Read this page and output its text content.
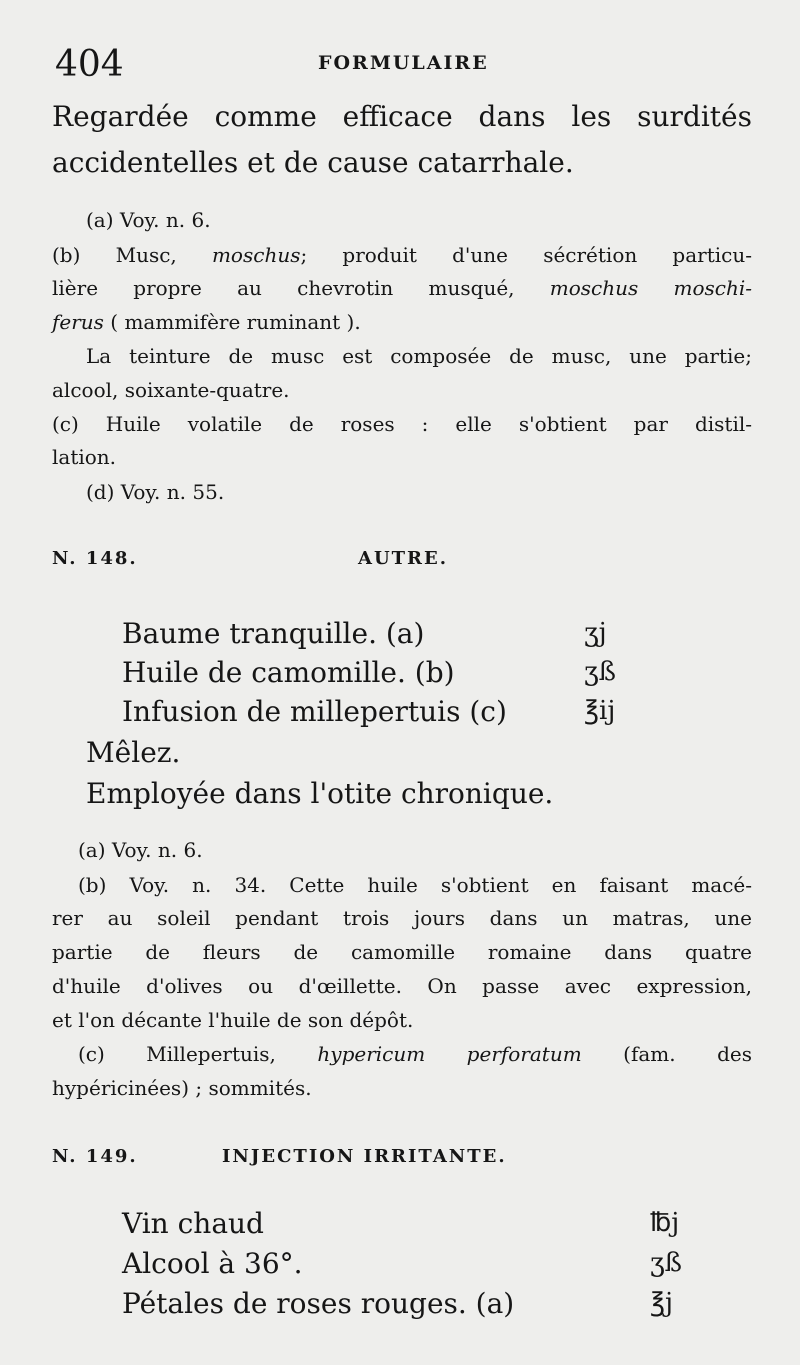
404	FORMULAIRE
Regardée comme efficace dans les surdités
accidentelles et de cause catarrhale.
(a) Voy. n. 6.
(b) Musc, moschus; produit d'une sécrétion particu-
lière propre au chevrotin musqué, moschus moschi-
ferus ( mammifère ruminant ).
La teinture de musc est composée de musc, une partie;
alcool, soixante-quatre.
(c) Huile volatile de roses : elle s'obtient par distil-
lation.
(d) Voy. n. 55.
N. 148.	AUTRE.
Baume tranquille. (a)	ʒj
Huile de camomille. (b)	ʒß
Infusion de millepertuis (c)	℥ij
Mêlez.
Employée dans l'otite chronique.
(a) Voy. n. 6.
(b) Voy. n. 34. Cette huile s'obtient en faisant macé-
rer au soleil pendant trois jours dans un matras, une
partie de fleurs de camomille romaine dans quatre
d'huile d'olives ou d'œillette. On passe avec expression,
et l'on décante l'huile de son dépôt.
(c) Millepertuis, hypericum perforatum (fam. des
hypéricinées) ; sommités.
N. 149.	INJECTION IRRITANTE.
Vin chaud	℔j
Alcool à 36°.	ʒß
Pétales de roses rouges. (a)	℥j
